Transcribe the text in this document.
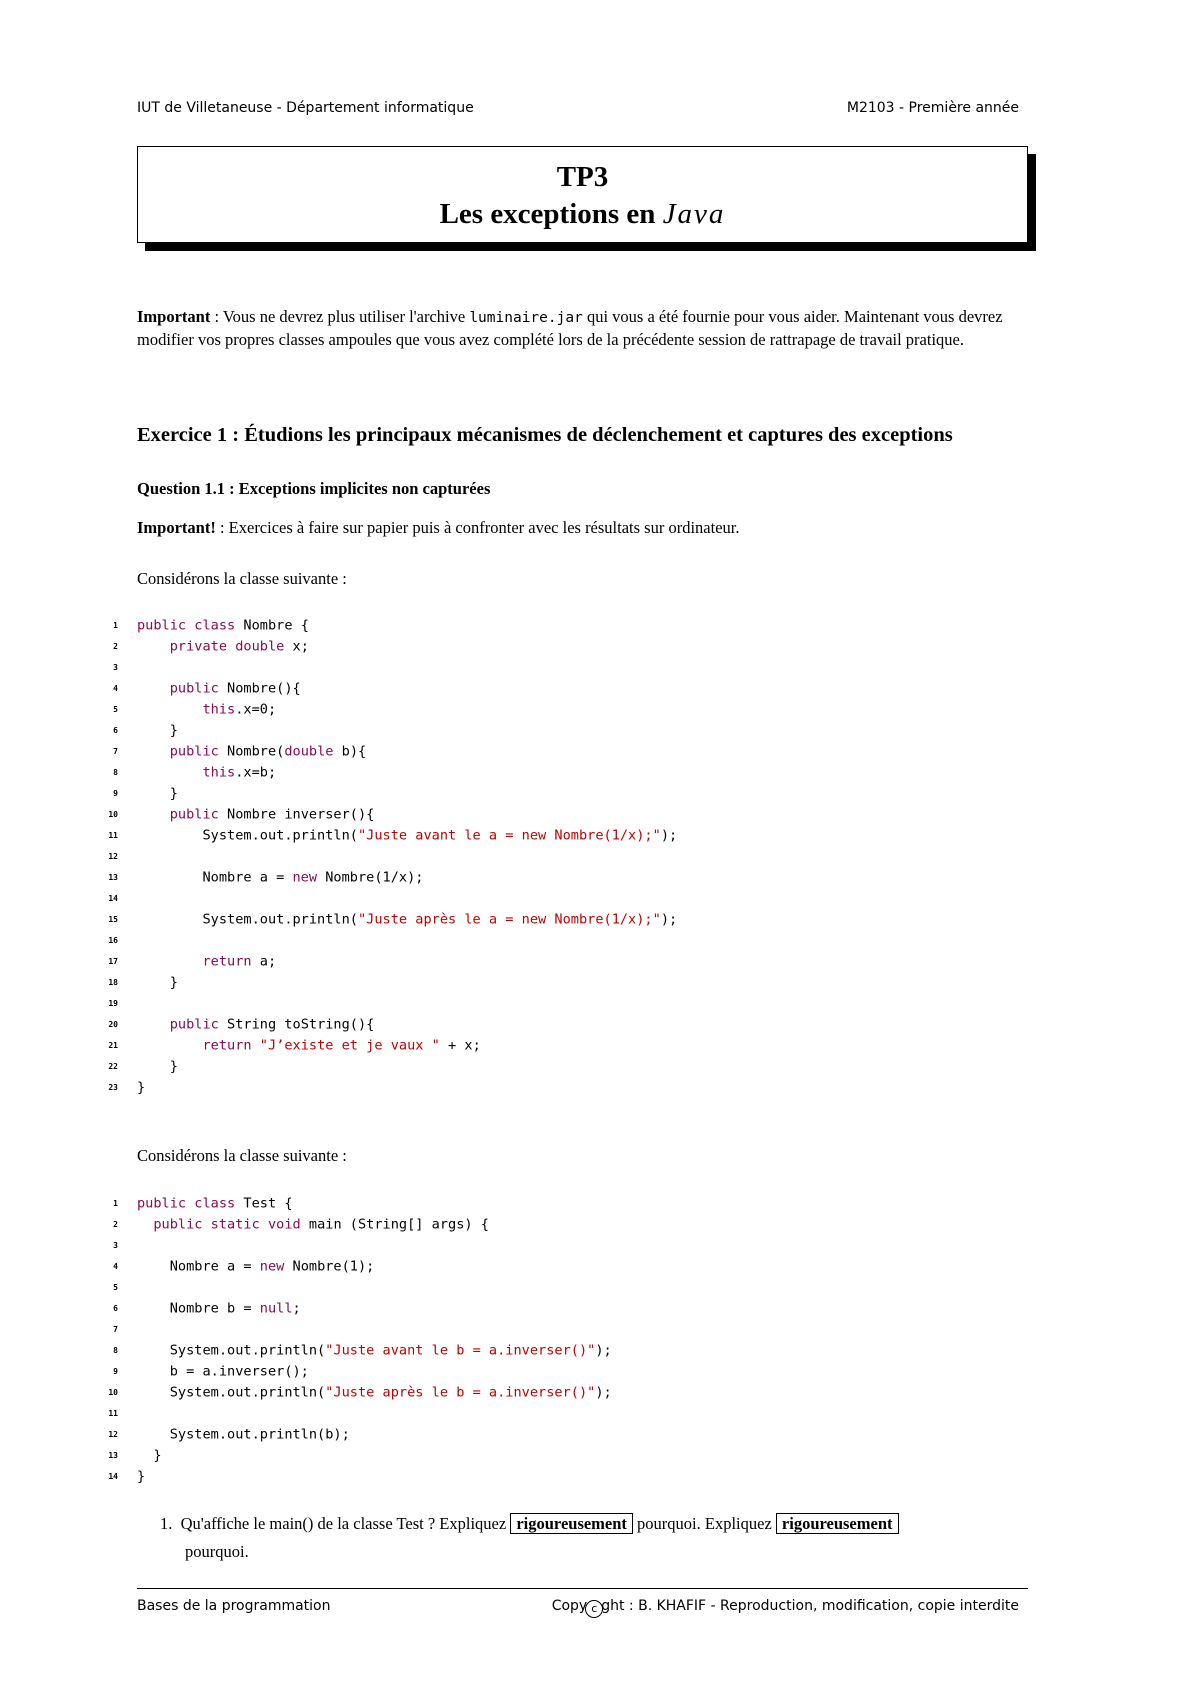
IUT de Villetaneuse - Département informatique	M2103 - Première année
TP3
Les exceptions en Java
Important : Vous ne devrez plus utiliser l'archive luminaire.jar qui vous a été fournie pour vous aider. Maintenant vous devrez modifier vos propres classes ampoules que vous avez complété lors de la précédente session de rattrapage de travail pratique.
Exercice 1 : Étudions les principaux mécanismes de déclenchement et captures des exceptions
Question 1.1 : Exceptions implicites non capturées
Important! : Exercices à faire sur papier puis à confronter avec les résultats sur ordinateur.
Considérons la classe suivante :
1 public class Nombre {
2	private double x;
3
4	public Nombre(){
5	this.x=0;
6    }
7	public Nombre(double b){
8	this.x=b;
9    }
10	public Nombre inverser(){
11        System.out.println("Juste avant le a = new Nombre(1/x);");
12
13        Nombre a = new Nombre(1/x);
14
15        System.out.println("Juste après le a = new Nombre(1/x);");
16
17	return a;
18    }
19
20	public String toString(){
21	return "J’existe et je vaux " + x;
22    }
23 }
Considérons la classe suivante :
1 public class Test {
2	public static void main (String[] args) {
3
4    Nombre a = new Nombre(1);
5
6    Nombre b = null;
7
8    System.out.println("Juste avant le b = a.inverser()");
9    b = a.inverser();
10    System.out.println("Juste après le b = a.inverser()");
11
12    System.out.println(b);
13  }
14 }
1. Qu'affiche le main() de la classe Test ? Expliquez rigoureusement pourquoi. Expliquez rigoureusement
pourquoi.
Bases de la programmation	Copy c ght : B. KHAFIF - Reproduction, modification, copie interdite
